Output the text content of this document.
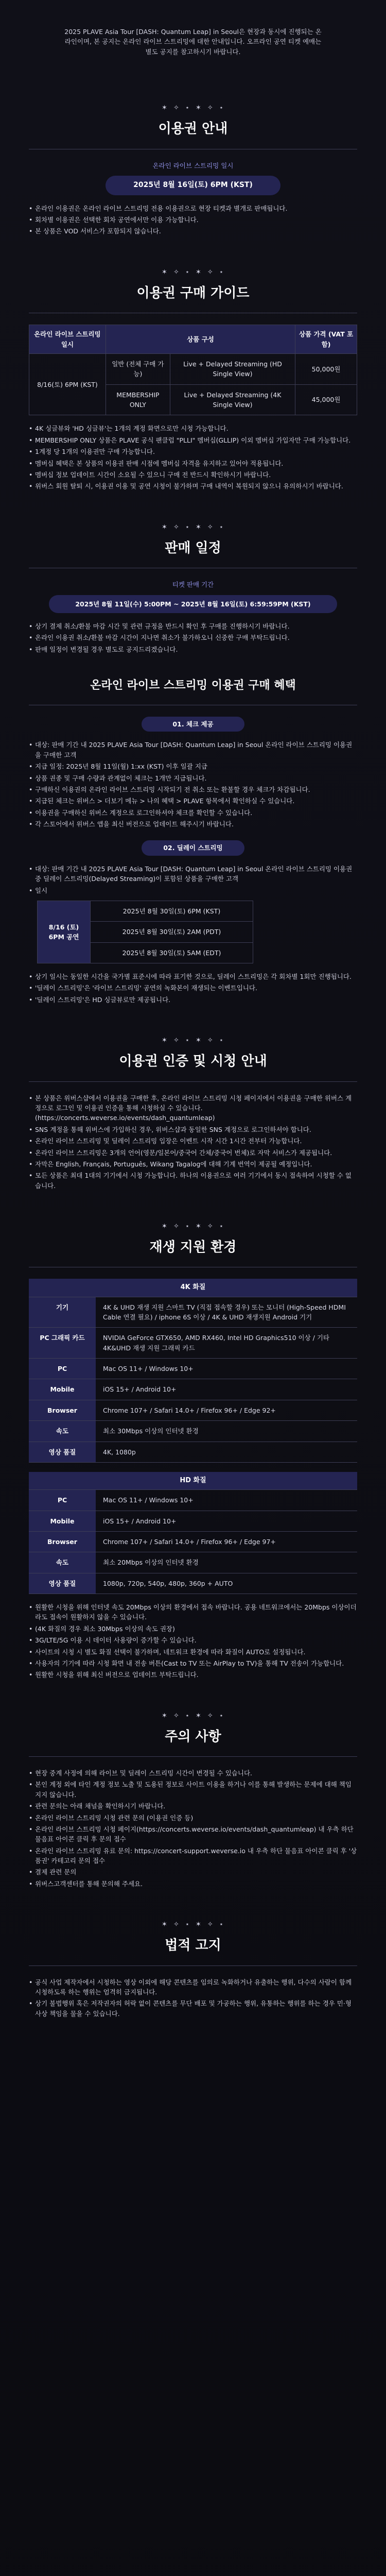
2025 PLAVE Asia Tour [DASH: Quantum Leap] in Seoul은 현장과 동시에 진행되는 온라인이며, 본 공지는 온라인 라이브 스트리밍에 대한 안내입니다. 오프라인 공연 티켓 예매는 별도 공지를 참고하시기 바랍니다.
✶ ✧ ⋆ ✶ ✧ ⋆
이용권 안내
온라인 라이브 스트리밍 일시
2025년 8월 16일(토) 6PM (KST)
• 온라인 이용권은 온라인 라이브 스트리밍 전용 이용권으로 현장 티켓과 별개로 판매됩니다.
• 회차별 이용권은 선택한 회차 공연에서만 이용 가능합니다.
• 본 상품은 VOD 서비스가 포함되지 않습니다.
✶ ✧ ⋆ ✶ ✧ ⋆
이용권 구매 가이드
온라인 라이브 스트리밍 일시	상품 구성		상품 가격 (VAT 포함)
8/16(토) 6PM (KST)	일반 (전체 구매 가능)	Live + Delayed Streaming (HD Single View)	50,000원
	MEMBERSHIP ONLY	Live + Delayed Streaming (4K Single View)	45,000원
• 4K 싱글뷰와 'HD 싱글뷰'는 1개의 계정 화면으로만 시청 가능합니다.
• MEMBERSHIP ONLY 상품은 PLAVE 공식 팬클럽 "PLLI" 멤버십(GLLIP) 이외 멤버십 가입자만 구매 가능합니다.
• 1계정 당 1개의 이용권만 구매 가능합니다.
• 멤버십 혜택은 본 상품의 이용권 판매 시점에 멤버십 자격을 유지하고 있어야 적용됩니다.
• 멤버십 정보 업데이트 시간이 소요될 수 있으니 구매 전 반드시 확인하시기 바랍니다.
• 위버스 회원 탈퇴 시, 이용권 이용 및 공연 시청이 불가하며 구매 내역이 복원되지 않으니 유의하시기 바랍니다.
✶ ✧ ⋆ ✶ ✧ ⋆
판매 일정
티켓 판매 기간
2025년 8월 11일(수) 5:00PM ~ 2025년 8월 16일(토) 6:59:59PM (KST)
• 상기 결제 취소/환불 마감 시간 및 관련 규정을 반드시 확인 후 구매를 진행하시기 바랍니다.
• 온라인 이용권 취소/환불 마감 시간이 지나면 취소가 불가하오니 신중한 구매 부탁드립니다.
• 판매 일정이 변경될 경우 별도로 공지드리겠습니다.
온라인 라이브 스트리밍 이용권 구매 혜택
01. 체크 제공
• 대상: 판매 기간 내 2025 PLAVE Asia Tour [DASH: Quantum Leap] in Seoul 온라인 라이브 스트리밍 이용권을 구매한 고객
• 지급 일정: 2025년 8월 11일(월) 1:xx (KST) 이후 일괄 지급
• 상품 권종 및 구매 수량과 관계없이 체크는 1개만 지급됩니다.
• 구매하신 이용권의 온라인 라이브 스트리밍 시작되기 전 취소 또는 환불할 경우 체크가 차감됩니다.
• 지급된 체크는 위버스 > 더보기 메뉴 > 나의 혜택 > PLAVE 항목에서 확인하실 수 있습니다.
• 이용권을 구매하신 위버스 계정으로 로그인하셔야 체크를 확인할 수 있습니다.
• 각 스토어에서 위버스 앱을 최신 버전으로 업데이트 해주시기 바랍니다.
02. 딜레이 스트리밍
• 대상: 판매 기간 내 2025 PLAVE Asia Tour [DASH: Quantum Leap] in Seoul 온라인 라이브 스트리밍 이용권 중 딜레이 스트리밍(Delayed Streaming)이 포함된 상품을 구매한 고객
• 일시
8/16 (토) 6PM 공연	2025년 8월 30일(토) 6PM (KST)
2025년 8월 30일(토) 2AM (PDT)
2025년 8월 30일(토) 5AM (EDT)
• 상기 일시는 동일한 시간을 국가별 표준시에 따라 표기한 것으로, 딜레이 스트리밍은 각 회차별 1회만 진행됩니다.
• '딜레이 스트리밍'은 '라이브 스트리밍' 공연의 녹화본이 재생되는 이벤트입니다.
• '딜레이 스트리밍'은 HD 싱글뷰로만 제공됩니다.
✶ ✧ ⋆ ✶ ✧ ⋆
이용권 인증 및 시청 안내
• 본 상품은 위버스샵에서 이용권을 구매한 후, 온라인 라이브 스트리밍 시청 페이지에서 이용권을 구매한 위버스 계정으로 로그인 및 이용권 인증을 통해 시청하실 수 있습니다. (https://concerts.weverse.io/events/dash_quantumleap)
• SNS 계정을 통해 위버스에 가입하신 경우, 위버스샵과 동일한 SNS 계정으로 로그인하셔야 합니다.
• 온라인 라이브 스트리밍 및 딜레이 스트리밍 입장은 이벤트 시작 시간 1시간 전부터 가능합니다.
• 온라인 라이브 스트리밍은 3개의 언어(영문/일본어/중국어 간체/중국어 번체)로 자막 서비스가 제공됩니다.
• 자막은 English, Français, Português, Wikang Tagalog에 대해 기계 번역이 제공될 예정입니다.
• 모든 상품은 최대 1대의 기기에서 시청 가능합니다. 하나의 이용권으로 여러 기기에서 동시 접속하여 시청할 수 없습니다.
✶ ✧ ⋆ ✶ ✧ ⋆
재생 지원 환경
4K 화질
기기	4K & UHD 재생 지원 스마트 TV (직접 접속할 경우) 또는 모니터 (High-Speed HDMI Cable 연결 필요) / iphone 6S 이상 / 4K & UHD 재생지원 Android 기기
PC 그래픽 카드	NVIDIA GeForce GTX650, AMD RX460, Intel HD Graphics510 이상 / 기타 4K&UHD 재생 지원 그래픽 카드
PC	Mac OS 11+ / Windows 10+
Mobile	iOS 15+ / Android 10+
Browser	Chrome 107+ / Safari 14.0+ / Firefox 96+ / Edge 92+
속도	최소 30Mbps 이상의 인터넷 환경
영상 품질	4K, 1080p
HD 화질
PC	Mac OS 11+ / Windows 10+
Mobile	iOS 15+ / Android 10+
Browser	Chrome 107+ / Safari 14.0+ / Firefox 96+ / Edge 97+
속도	최소 20Mbps 이상의 인터넷 환경
영상 품질	1080p, 720p, 540p, 480p, 360p + AUTO
• 원활한 시청을 위해 인터넷 속도 20Mbps 이상의 환경에서 접속 바랍니다. 공용 네트워크에서는 20Mbps 이상이더라도 접속이 원활하지 않을 수 있습니다.
• (4K 화질의 경우 최소 30Mbps 이상의 속도 권장)
• 3G/LTE/5G 이용 시 데이터 사용량이 증가할 수 있습니다.
• 사이트의 시청 시 별도 화질 선택이 불가하며, 네트워크 환경에 따라 화질이 AUTO로 설정됩니다.
• 사용자의 기기에 따라 시청 화면 내 전송 버튼(Cast to TV 또는 AirPlay to TV)을 통해 TV 전송이 가능합니다.
• 원활한 시청을 위해 최신 버전으로 업데이트 부탁드립니다.
✶ ✧ ⋆ ✶ ✧ ⋆
주의 사항
• 현장 중계 사정에 의해 라이브 및 딜레이 스트리밍 시간이 변경될 수 있습니다.
• 본인 계정 외에 타인 계정 정보 노출 및 도용된 정보로 사이트 이용을 하거나 이를 통해 발생하는 문제에 대해 책임지지 않습니다.
• 관련 문의는 아래 채널을 확인하시기 바랍니다.
• 온라인 라이브 스트리밍 시청 관련 문의 (이용권 인증 등)
• 온라인 라이브 스트리밍 시청 페이지(https://concerts.weverse.io/events/dash_quantumleap) 내 우측 하단 물음표 아이콘 클릭 후 문의 접수
• 온라인 라이브 스트리밍 유료 문의: https://concert-support.weverse.io 내 우측 하단 물음표 아이콘 클릭 후 '상품권' 카테고리 문의 접수
• 결제 관련 문의
• 위버스고객센터를 통해 문의해 주세요.
✶ ✧ ⋆ ✶ ✧ ⋆
법적 고지
• 공식 사업 제작자에서 시청하는 영상 이외에 해당 콘텐츠를 임의로 녹화하거나 유출하는 행위, 다수의 사람이 함께 시청하도록 하는 행위는 엄격히 금지됩니다.
• 상기 불법행위 혹은 저작권자의 허락 없이 콘텐츠를 무단 배포 및 가공하는 행위, 유통하는 행위를 하는 경우 민·형사상 책임을 물을 수 있습니다.
